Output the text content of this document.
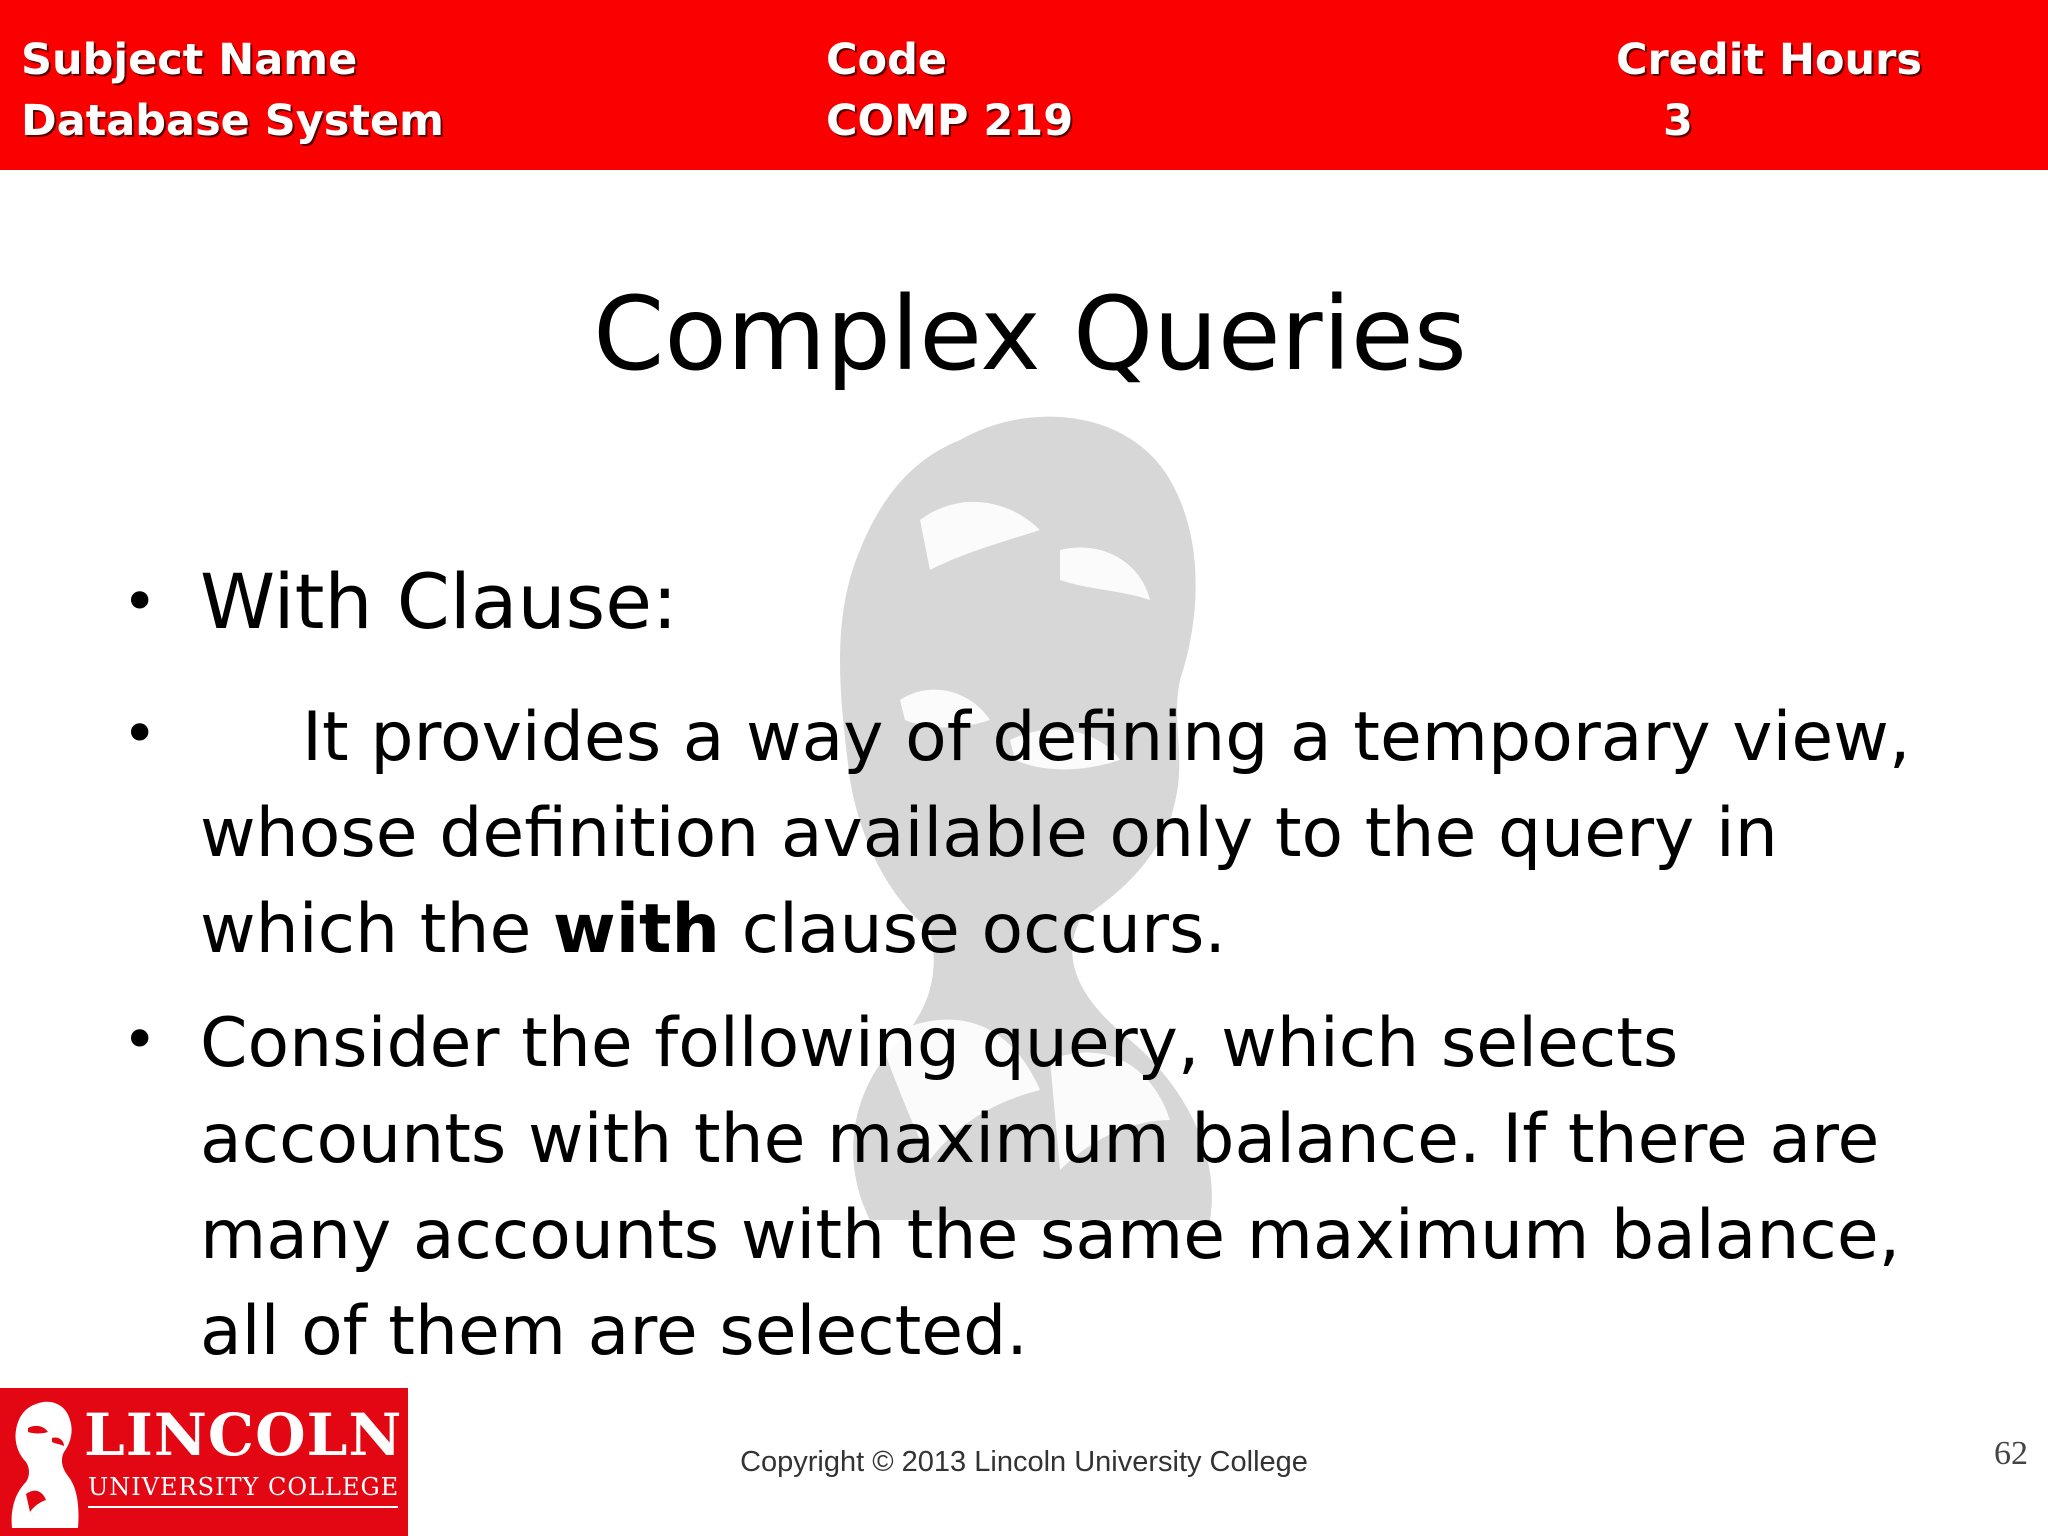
Subject Name
Database System
Code
COMP 219
Credit Hours
3
Complex Queries
• With Clause:
•	It provides a way of defining a temporary view, whose definition available only to the query in which the with clause occurs.
• Consider the following query, which selects accounts with the maximum balance. If there are many accounts with the same maximum balance, all of them are selected.
LINCOLN
UNIVERSITY COLLEGE
Copyright © 2013 Lincoln University College	62
